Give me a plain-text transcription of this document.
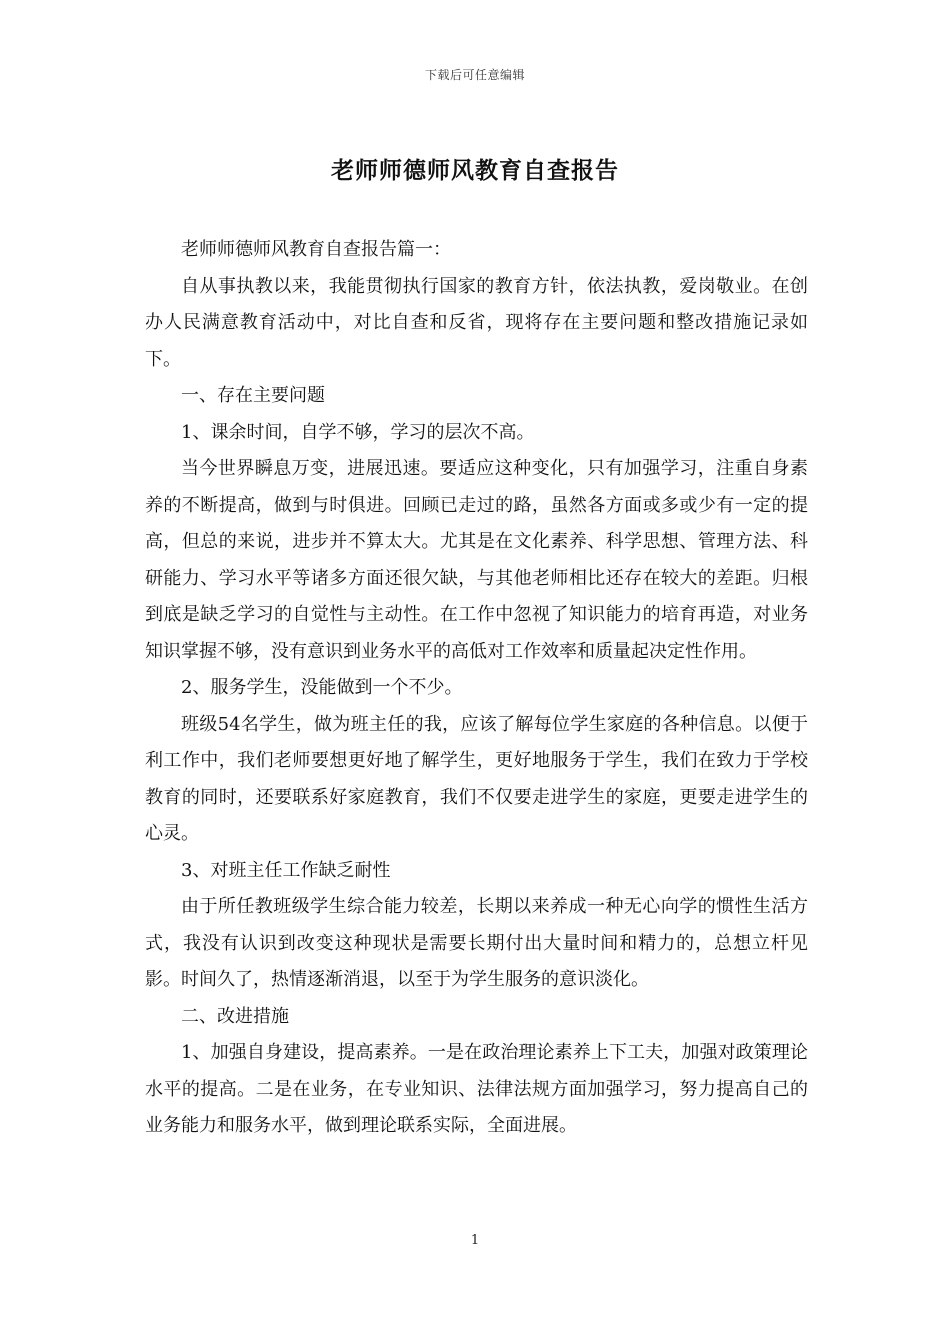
下载后可任意编辑
老师师德师风教育自查报告

老师师德师风教育自查报告篇一：

自从事执教以来，我能贯彻执行国家的教育方针，依法执教，爱岗敬业。在创办人民满意教育活动中，对比自查和反省，现将存在主要问题和整改措施记录如下。

一、存在主要问题

1、课余时间，自学不够，学习的层次不高。

当今世界瞬息万变，进展迅速。要适应这种变化，只有加强学习，注重自身素养的不断提高，做到与时俱进。回顾已走过的路，虽然各方面或多或少有一定的提高，但总的来说，进步并不算太大。尤其是在文化素养、科学思想、管理方法、科研能力、学习水平等诸多方面还很欠缺，与其他老师相比还存在较大的差距。归根到底是缺乏学习的自觉性与主动性。在工作中忽视了知识能力的培育再造，对业务知识掌握不够，没有意识到业务水平的高低对工作效率和质量起决定性作用。

2、服务学生，没能做到一个不少。

班级54名学生，做为班主任的我，应该了解每位学生家庭的各种信息。以便于利工作中，我们老师要想更好地了解学生，更好地服务于学生，我们在致力于学校教育的同时，还要联系好家庭教育，我们不仅要走进学生的家庭，更要走进学生的心灵。

3、对班主任工作缺乏耐性

由于所任教班级学生综合能力较差，长期以来养成一种无心向学的惯性生活方式，我没有认识到改变这种现状是需要长期付出大量时间和精力的，总想立杆见影。时间久了，热情逐渐消退，以至于为学生服务的意识淡化。

二、改进措施

1、加强自身建设，提高素养。一是在政治理论素养上下工夫，加强对政策理论水平的提高。二是在业务，在专业知识、法律法规方面加强学习，努力提高自己的业务能力和服务水平，做到理论联系实际，全面进展。

1
